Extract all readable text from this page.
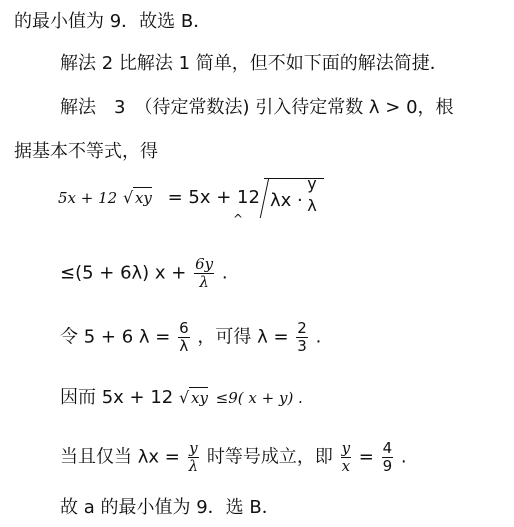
的最小值为 9．故选 B．
解法 2 比解法 1 简单，但不如下面的解法简捷．
解法　3　（待定常数法) 引入待定常数 λ > 0，根
据基本不等式，得
5x + 12 √ xy = 5x + 12
^
λx ·
y
λ
≤(5 + 6λ) $x + \frac{6y}{\lambda}$ .
令 5 + 6 $\lambda = \frac{6}{\lambda}$ ，可得 $\lambda = \frac{2}{3}$ .
因而 5x + 12 √ xy ≤9( x + y) .
当且仅当 $\lambda x = \frac{y}{\lambda}$ 时等号成立，即 $\frac{y}{x} = \frac{4}{9}$ .
故 a 的最小值为 9．选 B．
